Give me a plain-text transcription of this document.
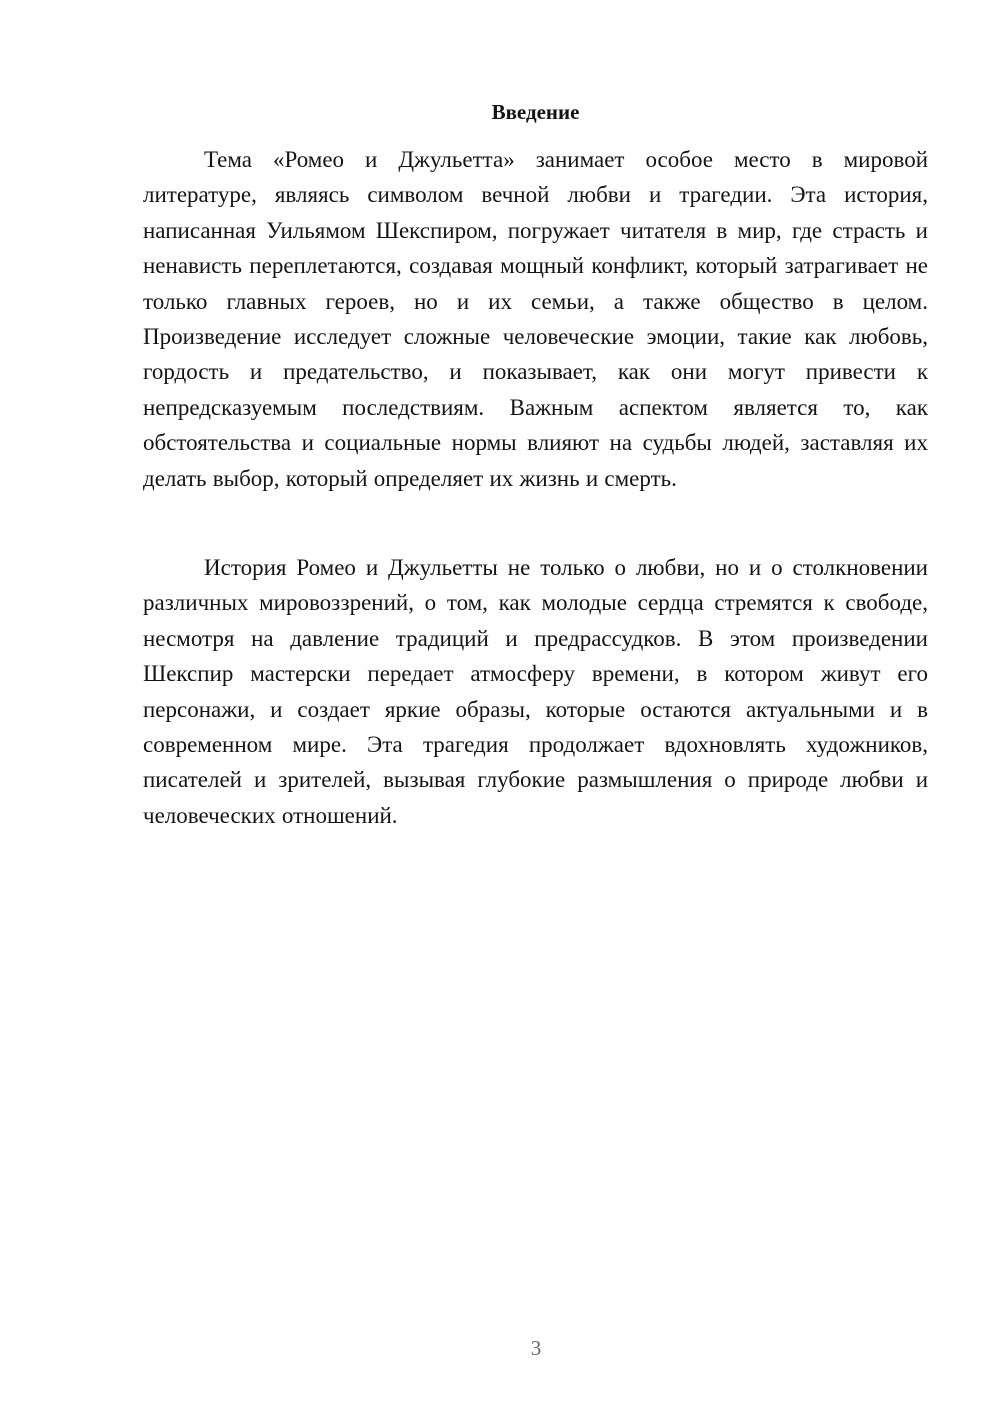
Введение

Тема «Ромео и Джульетта» занимает особое место в мировой литературе, являясь символом вечной любви и трагедии. Эта история, написанная Уильямом Шекспиром, погружает читателя в мир, где страсть и ненависть переплетаются, создавая мощный конфликт, который затрагивает не только главных героев, но и их семьи, а также общество в целом. Произведение исследует сложные человеческие эмоции, такие как любовь, гордость и предательство, и показывает, как они могут привести к непредсказуемым последствиям. Важным аспектом является то, как обстоятельства и социальные нормы влияют на судьбы людей, заставляя их делать выбор, который определяет их жизнь и смерть.

История Ромео и Джульетты не только о любви, но и о столкновении различных мировоззрений, о том, как молодые сердца стремятся к свободе, несмотря на давление традиций и предрассудков. В этом произведении Шекспир мастерски передает атмосферу времени, в котором живут его персонажи, и создает яркие образы, которые остаются актуальными и в современном мире. Эта трагедия продолжает вдохновлять художников, писателей и зрителей, вызывая глубокие размышления о природе любви и человеческих отношений.

3
